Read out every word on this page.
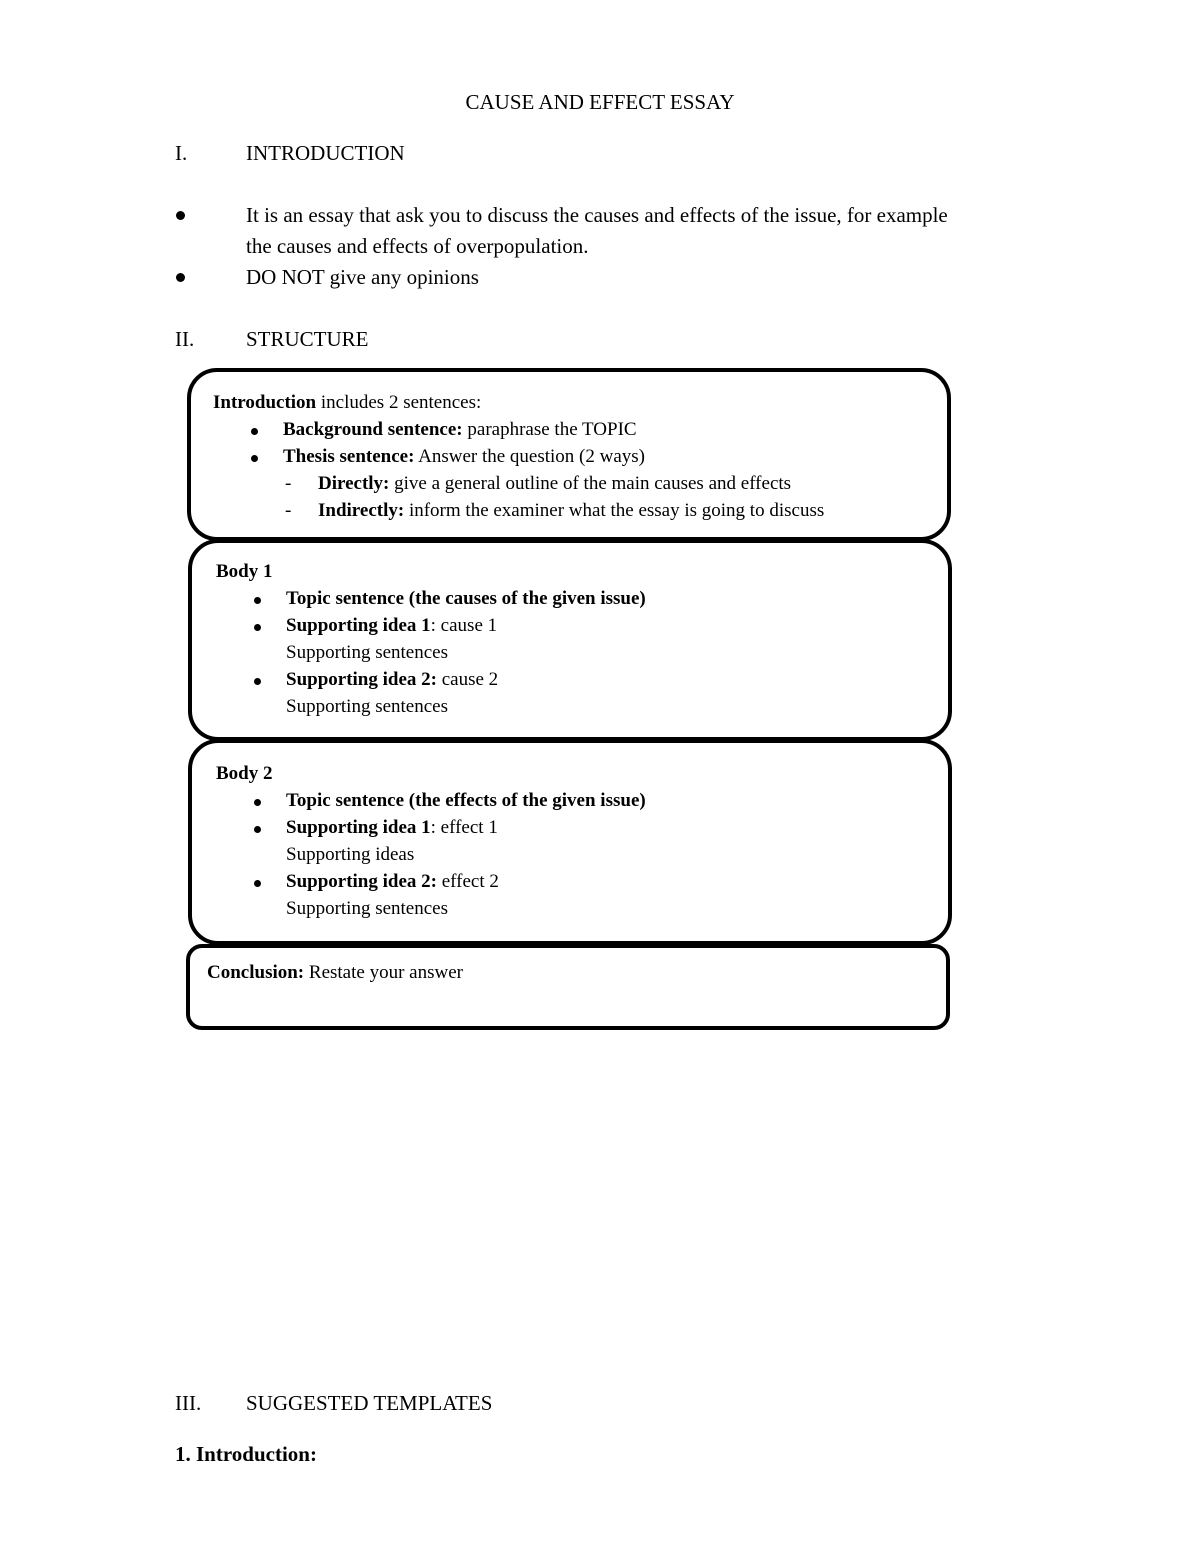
CAUSE AND EFFECT ESSAY
I.	INTRODUCTION
It is an essay that ask you to discuss the causes and effects of the issue, for example
the causes and effects of overpopulation.
DO NOT give any opinions
II. STRUCTURE
Introduction includes 2 sentences:
Background sentence: paraphrase the TOPIC
Thesis sentence: Answer the question (2 ways)
- Directly: give a general outline of the main causes and effects
- Indirectly: inform the examiner what the essay is going to discuss
Body 1
Topic sentence (the causes of the given issue)
Supporting idea 1: cause 1
Supporting sentences
Supporting idea 2: cause 2
Supporting sentences
Body 2
Topic sentence (the effects of the given issue)
Supporting idea 1: effect 1
Supporting ideas
Supporting idea 2: effect 2
Supporting sentences
Conclusion: Restate your answer
III. SUGGESTED TEMPLATES
1. Introduction:
